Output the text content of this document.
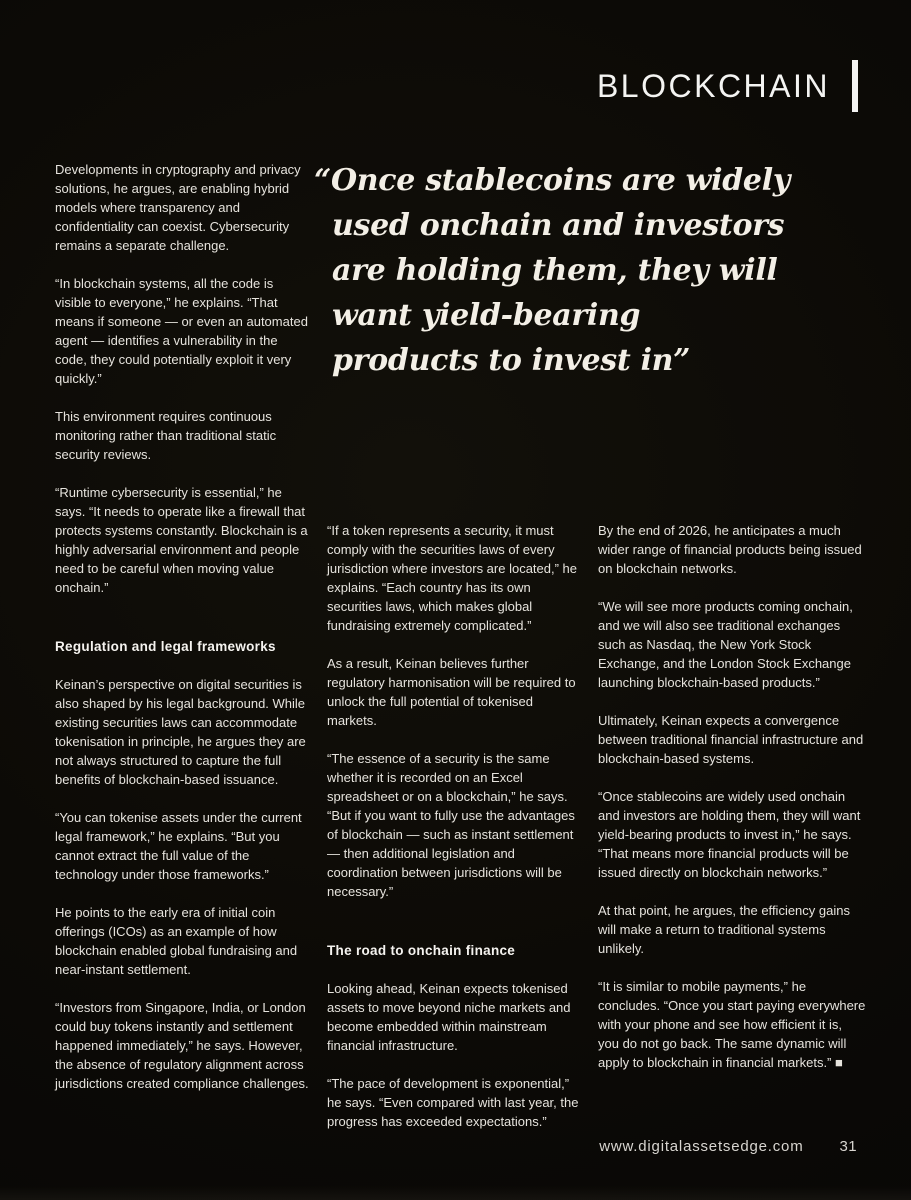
BLOCKCHAIN
“Once stablecoins are widely used onchain and investors are holding them, they will want yield-bearing products to invest in”

Developments in cryptography and privacy solutions, he argues, are enabling hybrid models where transparency and confidentiality can coexist. Cybersecurity remains a separate challenge.

“In blockchain systems, all the code is visible to everyone,” he explains. “That means if someone — or even an automated agent — identifies a vulnerability in the code, they could potentially exploit it very quickly.”

This environment requires continuous monitoring rather than traditional static security reviews.

“Runtime cybersecurity is essential,” he says. “It needs to operate like a firewall that protects systems constantly. Blockchain is a highly adversarial environment and people need to be careful when moving value onchain.”

Regulation and legal frameworks

Keinan’s perspective on digital securities is also shaped by his legal background. While existing securities laws can accommodate tokenisation in principle, he argues they are not always structured to capture the full benefits of blockchain-based issuance.

“You can tokenise assets under the current legal framework,” he explains. “But you cannot extract the full value of the technology under those frameworks.”

He points to the early era of initial coin offerings (ICOs) as an example of how blockchain enabled global fundraising and near-instant settlement.

“Investors from Singapore, India, or London could buy tokens instantly and settlement happened immediately,” he says. However, the absence of regulatory alignment across jurisdictions created compliance challenges.

“If a token represents a security, it must comply with the securities laws of every jurisdiction where investors are located,” he explains. “Each country has its own securities laws, which makes global fundraising extremely complicated.”

As a result, Keinan believes further regulatory harmonisation will be required to unlock the full potential of tokenised markets.

“The essence of a security is the same whether it is recorded on an Excel spreadsheet or on a blockchain,” he says. “But if you want to fully use the advantages of blockchain — such as instant settlement — then additional legislation and coordination between jurisdictions will be necessary.”

The road to onchain finance

Looking ahead, Keinan expects tokenised assets to move beyond niche markets and become embedded within mainstream financial infrastructure.

“The pace of development is exponential,” he says. “Even compared with last year, the progress has exceeded expectations.”

By the end of 2026, he anticipates a much wider range of financial products being issued on blockchain networks.

“We will see more products coming onchain, and we will also see traditional exchanges such as Nasdaq, the New York Stock Exchange, and the London Stock Exchange launching blockchain-based products.”

Ultimately, Keinan expects a convergence between traditional financial infrastructure and blockchain-based systems.

“Once stablecoins are widely used onchain and investors are holding them, they will want yield-bearing products to invest in,” he says. “That means more financial products will be issued directly on blockchain networks.”

At that point, he argues, the efficiency gains will make a return to traditional systems unlikely.

“It is similar to mobile payments,” he concludes. “Once you start paying everywhere with your phone and see how efficient it is, you do not go back. The same dynamic will apply to blockchain in financial markets.” ■

www.digitalassetsedge.com 31
